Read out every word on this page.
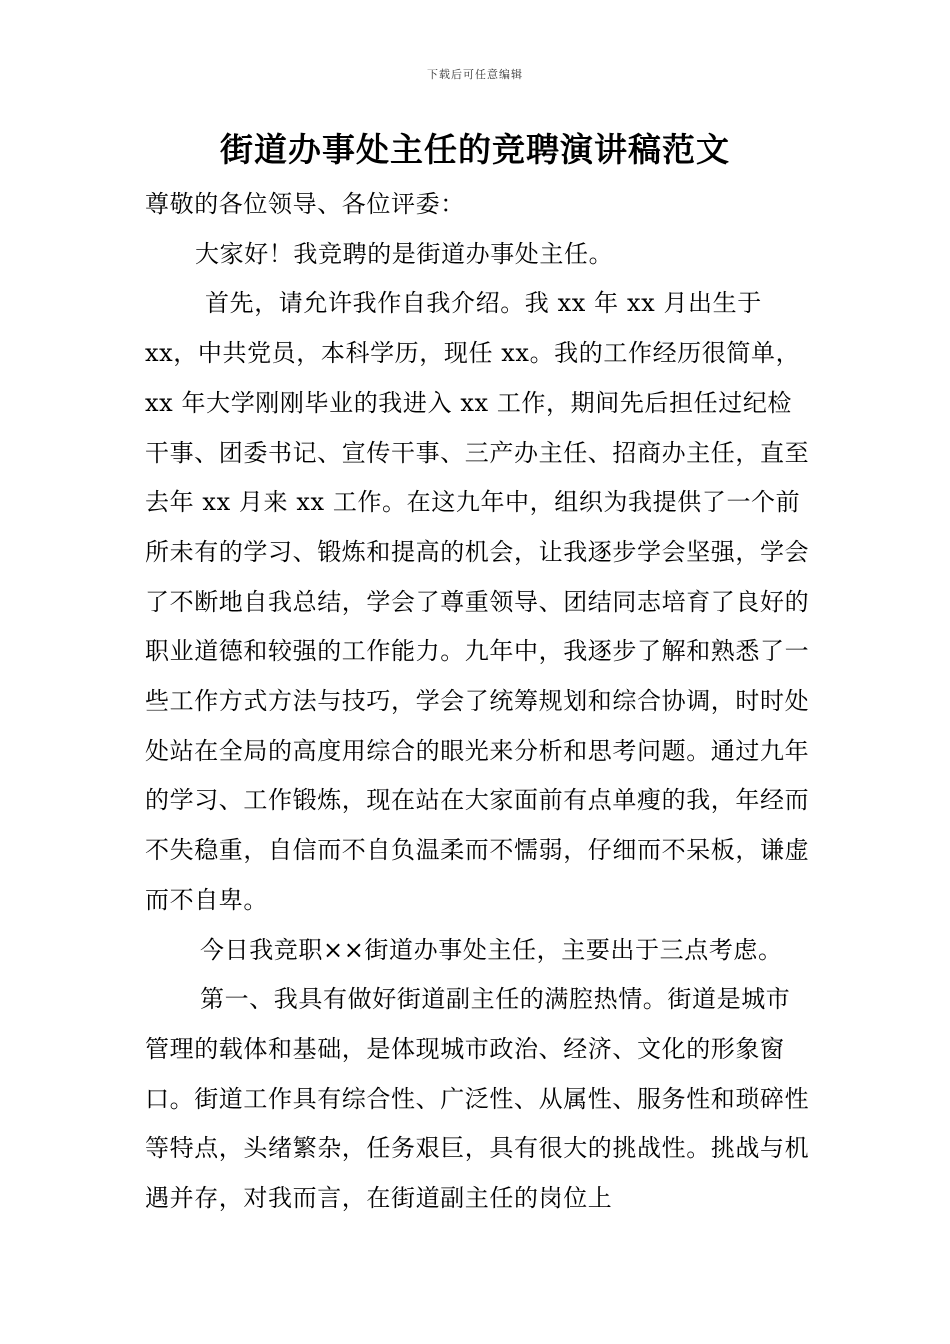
下载后可任意编辑
街道办事处主任的竞聘演讲稿范文

尊敬的各位领导、各位评委：

大家好！我竞聘的是街道办事处主任。

首先，请允许我作自我介绍。我 xx 年 xx 月出生于 xx，中共党员，本科学历，现任 xx。我的工作经历很简单，xx 年大学刚刚毕业的我进入 xx 工作，期间先后担任过纪检干事、团委书记、宣传干事、三产办主任、招商办主任，直至去年 xx 月来 xx 工作。在这九年中，组织为我提供了一个前所未有的学习、锻炼和提高的机会，让我逐步学会坚强，学会了不断地自我总结，学会了尊重领导、团结同志培育了良好的职业道德和较强的工作能力。九年中，我逐步了解和熟悉了一些工作方式方法与技巧，学会了统筹规划和综合协调，时时处处站在全局的高度用综合的眼光来分析和思考问题。通过九年的学习、工作锻炼，现在站在大家面前有点单瘦的我，年经而不失稳重，自信而不自负温柔而不懦弱，仔细而不呆板，谦虚而不自卑。

今日我竞职××街道办事处主任，主要出于三点考虑。

第一、我具有做好街道副主任的满腔热情。街道是城市管理的载体和基础，是体现城市政治、经济、文化的形象窗口。街道工作具有综合性、广泛性、从属性、服务性和琐碎性等特点，头绪繁杂，任务艰巨，具有很大的挑战性。挑战与机遇并存，对我而言，在街道副主任的岗位上
